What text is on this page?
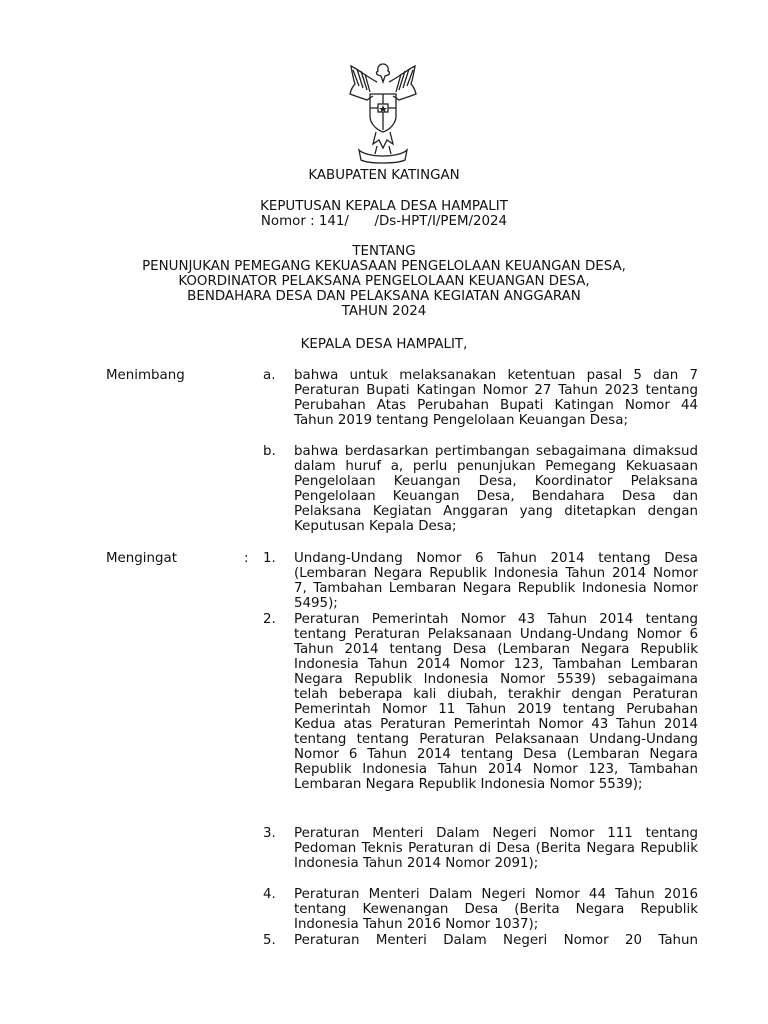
KABUPATEN KATINGAN
KEPUTUSAN KEPALA DESA HAMPALIT
Nomor : 141/      /Ds-HPT/I/PEM/2024
TENTANG
PENUNJUKAN PEMEGANG KEKUASAAN PENGELOLAAN KEUANGAN DESA,
KOORDINATOR PELAKSANA PENGELOLAAN KEUANGAN DESA,
BENDAHARA DESA DAN PELAKSANA KEGIATAN ANGGARAN
TAHUN 2024
KEPALA DESA HAMPALIT,
Menimbang	a.	bahwa untuk melaksanakan ketentuan pasal 5 dan 7 Peraturan Bupati Katingan Nomor 27 Tahun 2023 tentang Perubahan Atas Perubahan Bupati Katingan Nomor 44 Tahun 2019 tentang Pengelolaan Keuangan Desa;
b.	bahwa berdasarkan pertimbangan sebagaimana dimaksud dalam huruf a, perlu penunjukan Pemegang Kekuasaan Pengelolaan Keuangan Desa, Koordinator Pelaksana Pengelolaan Keuangan Desa, Bendahara Desa dan Pelaksana Kegiatan Anggaran yang ditetapkan dengan Keputusan Kepala Desa;
Mengingat	: 1.	Undang-Undang Nomor 6 Tahun 2014 tentang Desa (Lembaran Negara Republik Indonesia Tahun 2014 Nomor 7, Tambahan Lembaran Negara Republik Indonesia Nomor 5495);
2.	Peraturan Pemerintah Nomor 43 Tahun 2014 tentang tentang Peraturan Pelaksanaan Undang-Undang Nomor 6 Tahun 2014 tentang Desa (Lembaran Negara Republik Indonesia Tahun 2014 Nomor 123, Tambahan Lembaran Negara Republik Indonesia Nomor 5539) sebagaimana telah beberapa kali diubah, terakhir dengan Peraturan Pemerintah Nomor 11 Tahun 2019 tentang Perubahan Kedua atas Peraturan Pemerintah Nomor 43 Tahun 2014 tentang tentang Peraturan Pelaksanaan Undang-Undang Nomor 6 Tahun 2014 tentang Desa (Lembaran Negara Republik Indonesia Tahun 2014 Nomor 123, Tambahan Lembaran Negara Republik Indonesia Nomor 5539);
3.	Peraturan Menteri Dalam Negeri Nomor 111 tentang Pedoman Teknis Peraturan di Desa (Berita Negara Republik Indonesia Tahun 2014 Nomor 2091);
4.	Peraturan Menteri Dalam Negeri Nomor 44 Tahun 2016 tentang Kewenangan Desa (Berita Negara Republik Indonesia Tahun 2016 Nomor 1037);
5.	Peraturan Menteri Dalam Negeri Nomor 20 Tahun
